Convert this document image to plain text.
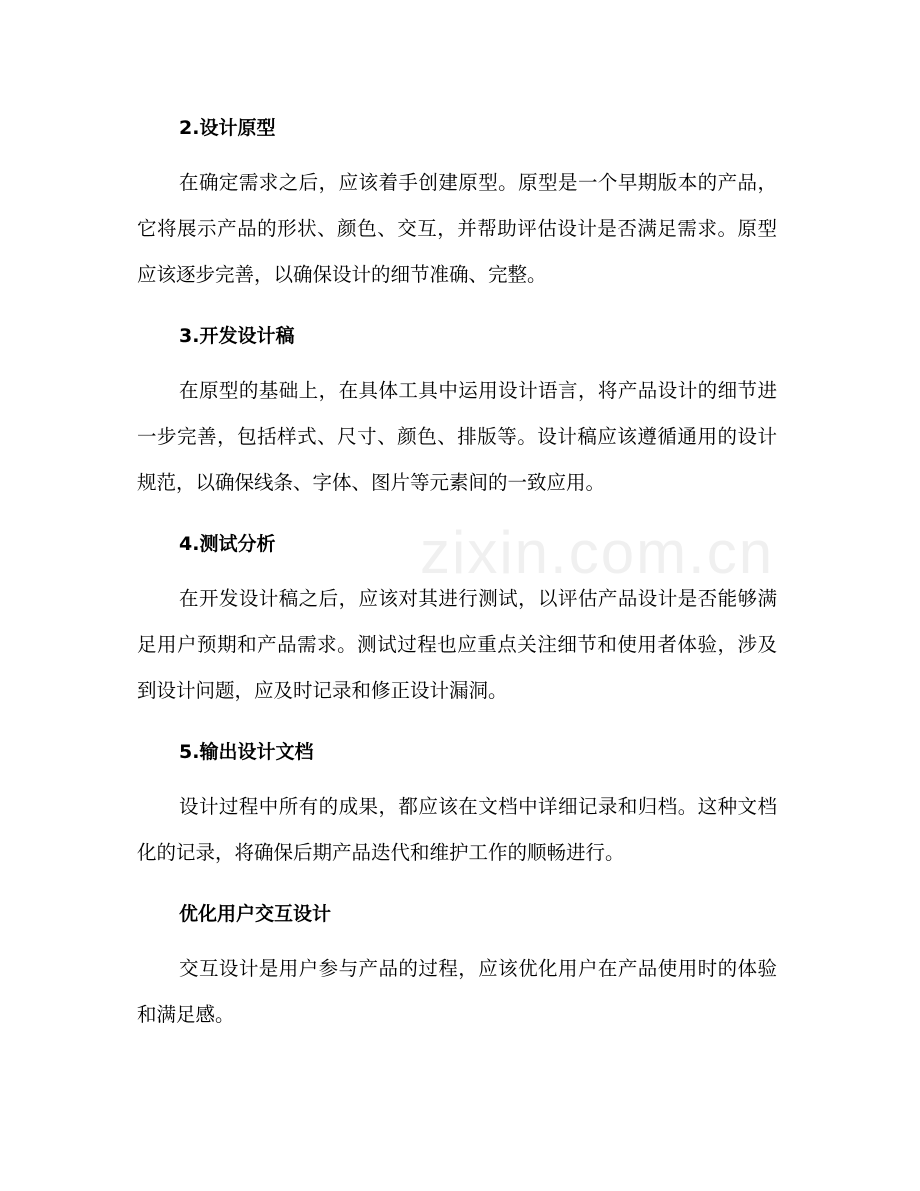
zixin.com.cn
2.设计原型

在确定需求之后，应该着手创建原型。原型是一个早期版本的产品，它将展示产品的形状、颜色、交互，并帮助评估设计是否满足需求。原型应该逐步完善，以确保设计的细节准确、完整。

3.开发设计稿

在原型的基础上，在具体工具中运用设计语言，将产品设计的细节进一步完善，包括样式、尺寸、颜色、排版等。设计稿应该遵循通用的设计规范，以确保线条、字体、图片等元素间的一致应用。

4.测试分析

在开发设计稿之后，应该对其进行测试，以评估产品设计是否能够满足用户预期和产品需求。测试过程也应重点关注细节和使用者体验，涉及到设计问题，应及时记录和修正设计漏洞。

5.输出设计文档

设计过程中所有的成果，都应该在文档中详细记录和归档。这种文档化的记录，将确保后期产品迭代和维护工作的顺畅进行。

优化用户交互设计

交互设计是用户参与产品的过程，应该优化用户在产品使用时的体验和满足感。
